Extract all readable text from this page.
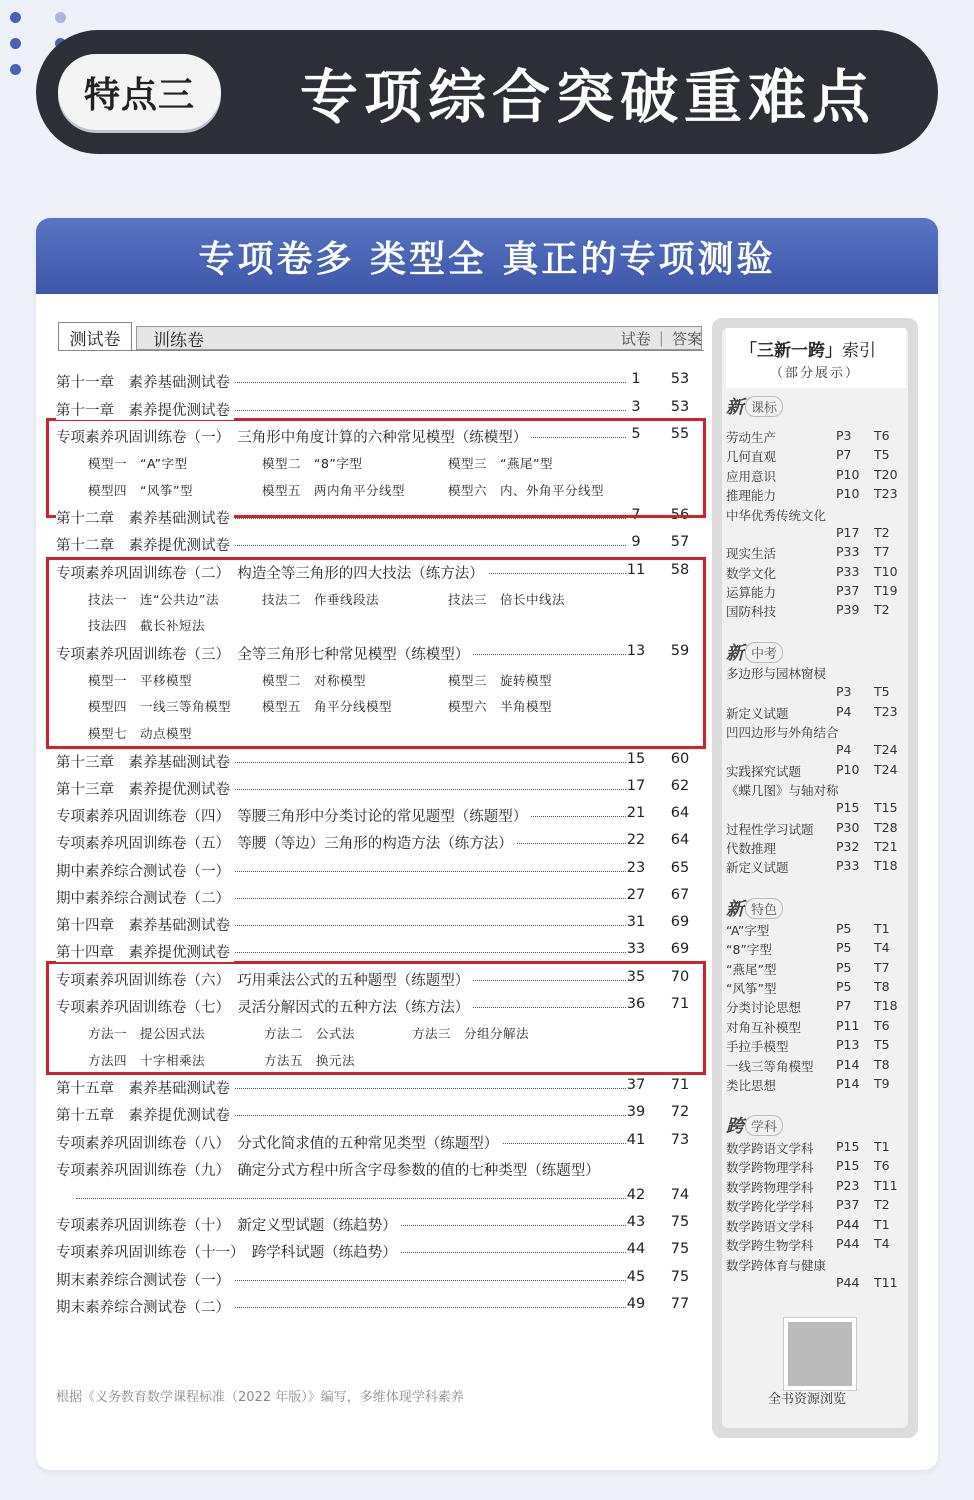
特点三	专项综合突破重难点
专项卷多 类型全 真正的专项测验
测试卷	训练卷	试卷 | 答案
第十一章　素养基础测试卷	1	53
第十一章　素养提优测试卷	3	53
专项素养巩固训练卷（一）　三角形中角度计算的六种常见模型（练模型）	5	55
第十二章　素养基础测试卷	7	56
第十二章　素养提优测试卷	9	57
专项素养巩固训练卷（二）　构造全等三角形的四大技法（练方法）	11 58
专项素养巩固训练卷（三）　全等三角形七种常见模型（练模型）	13 59
第十三章　素养基础测试卷	15 60
第十三章　素养提优测试卷	17 62
专项素养巩固训练卷（四）　等腰三角形中分类讨论的常见题型（练题型）	21 64
专项素养巩固训练卷（五）　等腰（等边）三角形的构造方法（练方法）	22 64
期中素养综合测试卷（一）	23 65
期中素养综合测试卷（二）	27 67
第十四章　素养基础测试卷	31 69
第十四章　素养提优测试卷	33 69
专项素养巩固训练卷（六）　巧用乘法公式的五种题型（练题型）	35 70
专项素养巩固训练卷（七）　灵活分解因式的五种方法（练方法）	36 71
第十五章　素养基础测试卷	37 71
第十五章　素养提优测试卷	39 72
专项素养巩固训练卷（八）　分式化简求值的五种常见类型（练题型）	41 73
专项素养巩固训练卷（九）　确定分式方程中所含字母参数的值的七种类型（练题型）
42 74
专项素养巩固训练卷（十）　新定义型试题（练趋势）	43 75
专项素养巩固训练卷（十一）　跨学科试题（练趋势）	44 75
期末素养综合测试卷（一）	45 75
期末素养综合测试卷（二）	49 77
模型一　“A”字型	模型二　“8”字型	模型三　“燕尾”型
模型四　“风筝”型	模型五　两内角平分线型	模型六　内、外角平分线型
技法一　连“公共边”法	技法二　作垂线段法	技法三　倍长中线法
技法四　截长补短法
模型一　平移模型	模型二　对称模型	模型三　旋转模型
模型四　一线三等角模型 模型五　角平分线模型	模型六　半角模型
模型七　动点模型
方法一　提公因式法	方法二　公式法	方法三　分组分解法
方法四　十字相乘法	方法五　换元法
根据《义务教育数学课程标准（2022 年版）》编写，多维体现学科素养
「三新一跨」索引
（部分展示）
新 课标
新 中考
新 特色
跨 学科
劳动生产	P3 T6
几何直观	P7 T5
应用意识	P10 T20
推理能力	P10 T23
中华优秀传统文化
P17 T2
现实生活	P33 T7
数学文化	P33 T10
运算能力	P37 T19
国防科技	P39 T2
多边形与园林窗棂
P3 T5
新定义试题	P4 T23
凹四边形与外角结合
P4 T24
实践探究试题	P10 T24
《蝶几图》与轴对称
P15 T15
过程性学习试题 P30 T28
代数推理	P32 T21
新定义试题	P33 T18
“A”字型	P5 T1
“8”字型	P5 T4
“燕尾”型	P5 T7
“风筝”型	P5 T8
分类讨论思想	P7 T18
对角互补模型	P11 T6
手拉手模型	P13 T5
一线三等角模型 P14 T8
类比思想	P14 T9
数学跨语文学科 P15 T1
数学跨物理学科 P15 T6
数学跨物理学科 P23 T11
数学跨化学学科 P37 T2
数学跨语文学科 P44 T1
数学跨生物学科 P44 T4
数学跨体育与健康
P44 T11
全书资源浏览
